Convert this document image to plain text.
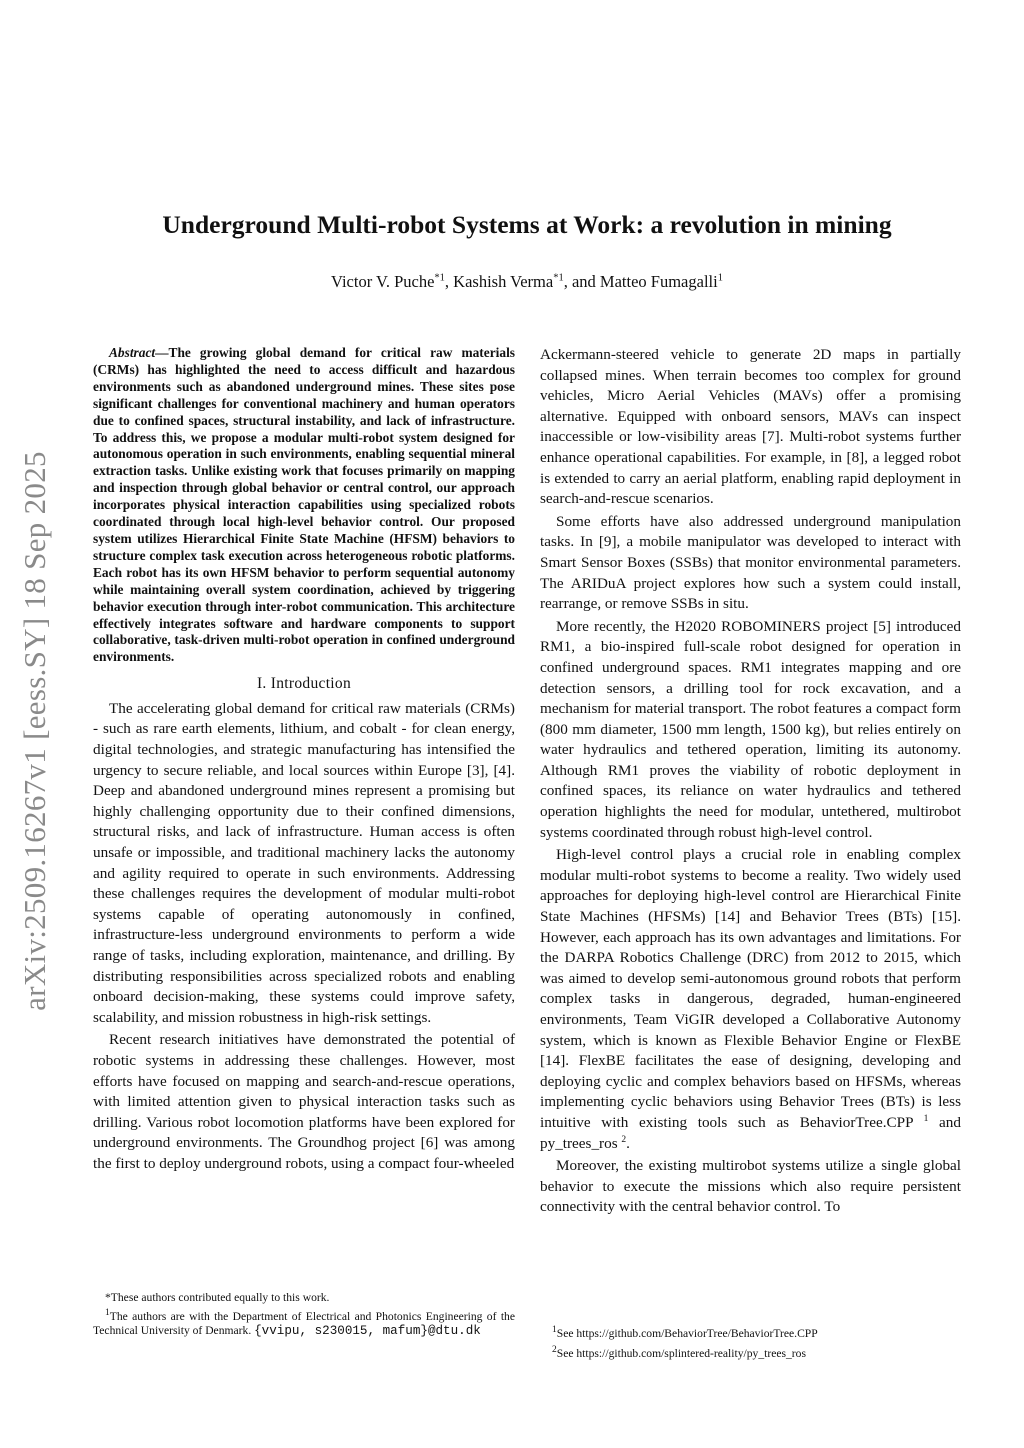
arXiv:2509.16267v1 [eess.SY] 18 Sep 2025
Underground Multi-robot Systems at Work: a revolution in mining
Victor V. Puche$^{*1}$, Kashish Verma$^{*1}$, and Matteo Fumagalli$^1$

Abstract—The growing global demand for critical raw materials (CRMs) has highlighted the need to access difficult and hazardous environments such as abandoned underground mines. These sites pose significant challenges for conventional machinery and human operators due to confined spaces, structural instability, and lack of infrastructure. To address this, we propose a modular multi-robot system designed for autonomous operation in such environments, enabling sequential mineral extraction tasks. Unlike existing work that focuses primarily on mapping and inspection through global behavior or central control, our approach incorporates physical interaction capabilities using specialized robots coordinated through local high-level behavior control. Our proposed system utilizes Hierarchical Finite State Machine (HFSM) behaviors to structure complex task execution across heterogeneous robotic platforms. Each robot has its own HFSM behavior to perform sequential autonomy while maintaining overall system coordination, achieved by triggering behavior execution through inter-robot communication. This architecture effectively integrates software and hardware components to support collaborative, task-driven multi-robot operation in confined underground environments.

I. Introduction

The accelerating global demand for critical raw materials (CRMs) - such as rare earth elements, lithium, and cobalt - for clean energy, digital technologies, and strategic manufacturing has intensified the urgency to secure reliable, and local sources within Europe [3], [4]. Deep and abandoned underground mines represent a promising but highly challenging opportunity due to their confined dimensions, structural risks, and lack of infrastructure. Human access is often unsafe or impossible, and traditional machinery lacks the autonomy and agility required to operate in such environments. Addressing these challenges requires the development of modular multi-robot systems capable of operating autonomously in confined, infrastructure-less underground environments to perform a wide range of tasks, including exploration, maintenance, and drilling. By distributing responsibilities across specialized robots and enabling onboard decision-making, these systems could improve safety, scalability, and mission robustness in high-risk settings.

Recent research initiatives have demonstrated the potential of robotic systems in addressing these challenges. However, most efforts have focused on mapping and search-and-rescue operations, with limited attention given to physical interaction tasks such as drilling. Various robot locomotion platforms have been explored for underground environments. The Groundhog project [6] was among the first to deploy underground robots, using a compact four-wheeled

*These authors contributed equally to this work.

$^1$The authors are with the Department of Electrical and Photonics Engineering of the Technical University of Denmark. {vvipu, s230015, mafum}@dtu.dk

Ackermann-steered vehicle to generate 2D maps in partially collapsed mines. When terrain becomes too complex for ground vehicles, Micro Aerial Vehicles (MAVs) offer a promising alternative. Equipped with onboard sensors, MAVs can inspect inaccessible or low-visibility areas [7]. Multi-robot systems further enhance operational capabilities. For example, in [8], a legged robot is extended to carry an aerial platform, enabling rapid deployment in search-and-rescue scenarios.

Some efforts have also addressed underground manipulation tasks. In [9], a mobile manipulator was developed to interact with Smart Sensor Boxes (SSBs) that monitor environmental parameters. The ARIDuA project explores how such a system could install, rearrange, or remove SSBs in situ.

More recently, the H2020 ROBOMINERS project [5] introduced RM1, a bio-inspired full-scale robot designed for operation in confined underground spaces. RM1 integrates mapping and ore detection sensors, a drilling tool for rock excavation, and a mechanism for material transport. The robot features a compact form (800 mm diameter, 1500 mm length, 1500 kg), but relies entirely on water hydraulics and tethered operation, limiting its autonomy. Although RM1 proves the viability of robotic deployment in confined spaces, its reliance on water hydraulics and tethered operation highlights the need for modular, untethered, multirobot systems coordinated through robust high-level control.

High-level control plays a crucial role in enabling complex modular multi-robot systems to become a reality. Two widely used approaches for deploying high-level control are Hierarchical Finite State Machines (HFSMs) [14] and Behavior Trees (BTs) [15]. However, each approach has its own advantages and limitations. For the DARPA Robotics Challenge (DRC) from 2012 to 2015, which was aimed to develop semi-autonomous ground robots that perform complex tasks in dangerous, degraded, human-engineered environments, Team ViGIR developed a Collaborative Autonomy system, which is known as Flexible Behavior Engine or FlexBE [14]. FlexBE facilitates the ease of designing, developing and deploying cyclic and complex behaviors based on HFSMs, whereas implementing cyclic behaviors using Behavior Trees (BTs) is less intuitive with existing tools such as BehaviorTree.CPP $^1$ and py_trees_ros $^2$.

Moreover, the existing multirobot systems utilize a single global behavior to execute the missions which also require persistent connectivity with the central behavior control. To

$^1$See https://github.com/BehaviorTree/BehaviorTree.CPP

$^2$See https://github.com/splintered-reality/py_trees_ros
